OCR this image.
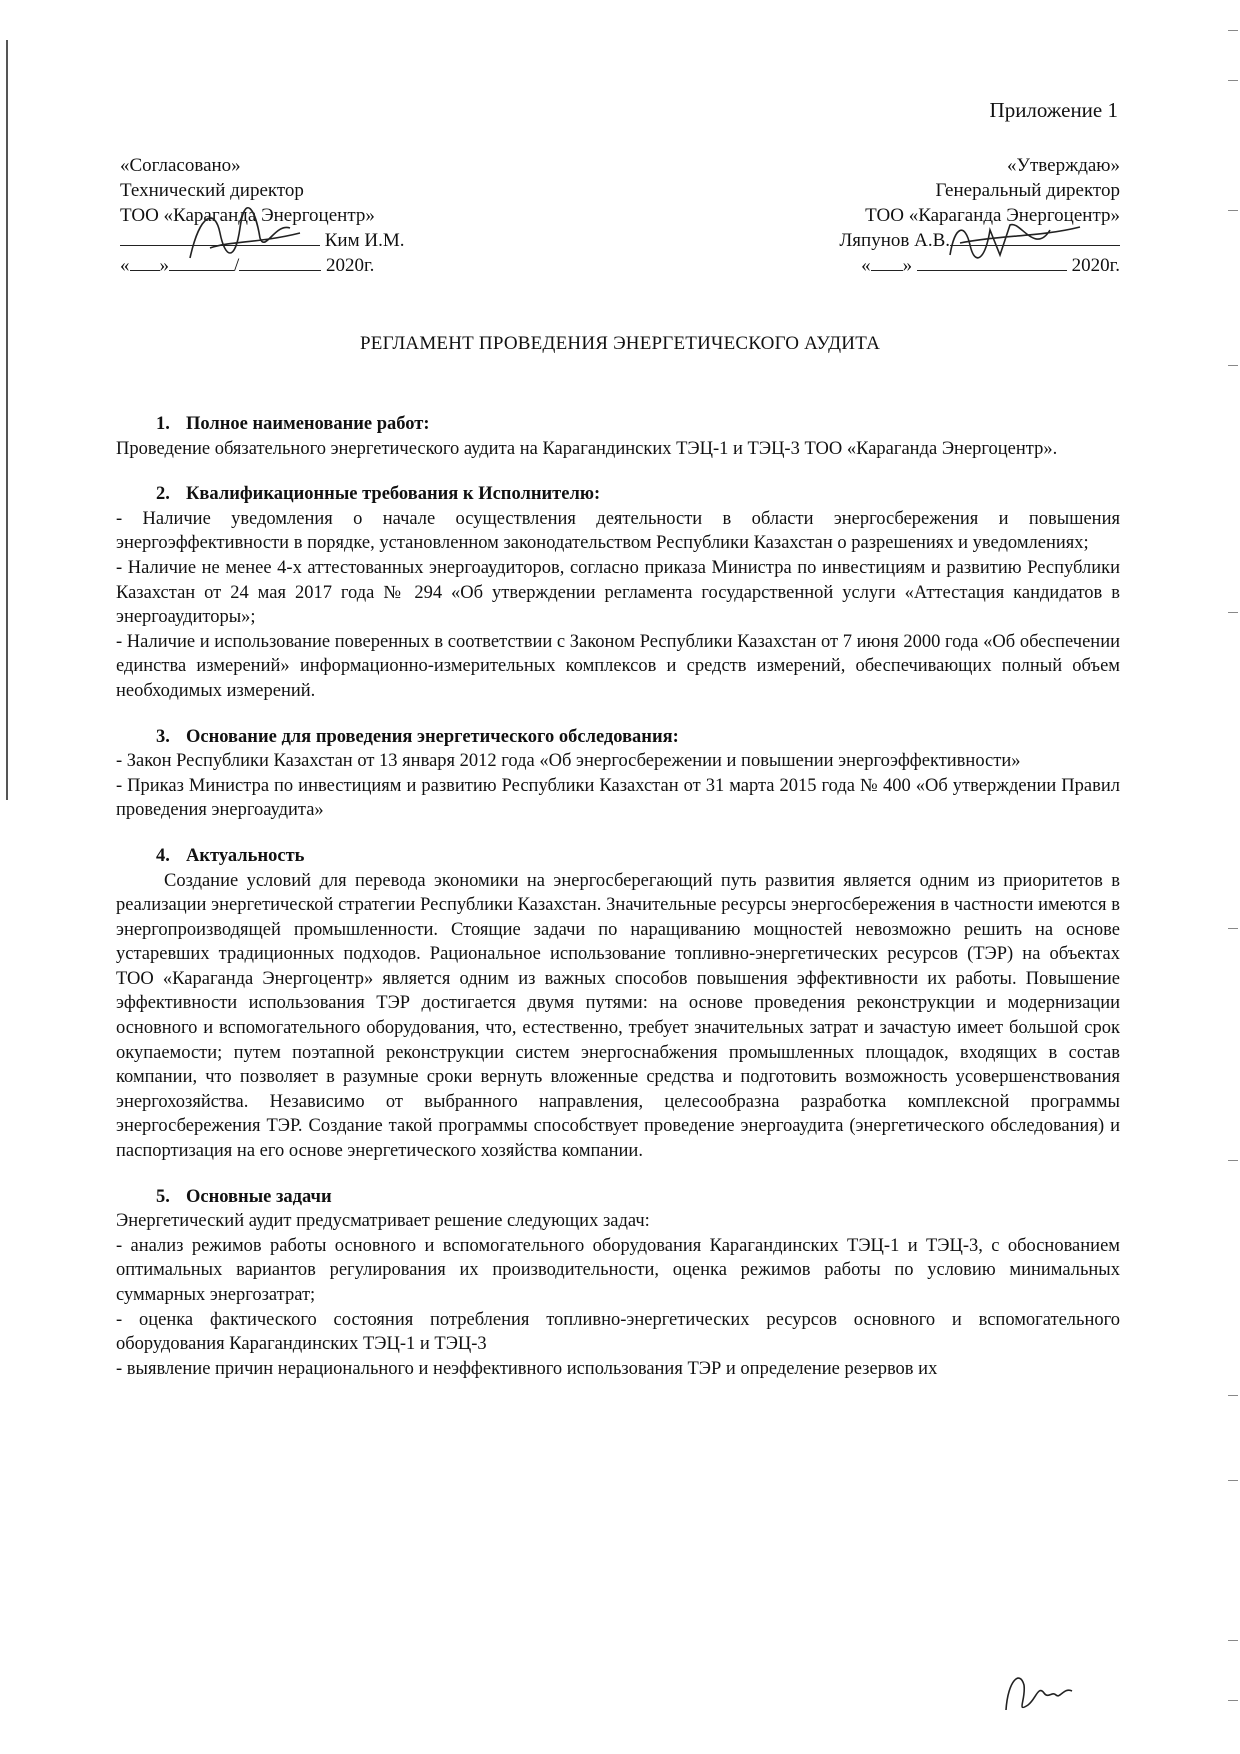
Приложение 1
«Согласовано»
Технический директор
ТОО «Караганда Энергоцентр»
Ким И.М.
« »	/	2020г.
«Утверждаю»
Генеральный директор
ТОО «Караганда Энергоцентр»
Ляпунов А.В.
« »	2020г.
РЕГЛАМЕНТ ПРОВЕДЕНИЯ ЭНЕРГЕТИЧЕСКОГО АУДИТА
1. Полное наименование работ:

Проведение обязательного энергетического аудита на Карагандинских ТЭЦ-1 и ТЭЦ-3 ТОО «Караганда Энергоцентр».

2. Квалификационные требования к Исполнителю:

- Наличие уведомления о начале осуществления деятельности в области энергосбережения и повышения энергоэффективности в порядке, установленном законодательством Республики Казахстан о разрешениях и уведомлениях;

- Наличие не менее 4-х аттестованных энергоаудиторов, согласно приказа Министра по инвестициям и развитию Республики Казахстан от 24 мая 2017 года № 294 «Об утверждении регламента государственной услуги «Аттестация кандидатов в энергоаудиторы»;

- Наличие и использование поверенных в соответствии с Законом Республики Казахстан от 7 июня 2000 года «Об обеспечении единства измерений» информационно-измерительных комплексов и средств измерений, обеспечивающих полный объем необходимых измерений.

3. Основание для проведения энергетического обследования:

- Закон Республики Казахстан от 13 января 2012 года «Об энергосбережении и повышении энергоэффективности»

- Приказ Министра по инвестициям и развитию Республики Казахстан от 31 марта 2015 года № 400 «Об утверждении Правил проведения энергоаудита»

4. Актуальность

Создание условий для перевода экономики на энергосберегающий путь развития является одним из приоритетов в реализации энергетической стратегии Республики Казахстан. Значительные ресурсы энергосбережения в частности имеются в энергопроизводящей промышленности. Стоящие задачи по наращиванию мощностей невозможно решить на основе устаревших традиционных подходов. Рациональное использование топливно-энергетических ресурсов (ТЭР) на объектах ТОО «Караганда Энергоцентр» является одним из важных способов повышения эффективности их работы. Повышение эффективности использования ТЭР достигается двумя путями: на основе проведения реконструкции и модернизации основного и вспомогательного оборудования, что, естественно, требует значительных затрат и зачастую имеет большой срок окупаемости; путем поэтапной реконструкции систем энергоснабжения промышленных площадок, входящих в состав компании, что позволяет в разумные сроки вернуть вложенные средства и подготовить возможность усовершенствования энергохозяйства. Независимо от выбранного направления, целесообразна разработка комплексной программы энергосбережения ТЭР. Создание такой программы способствует проведение энергоаудита (энергетического обследования) и паспортизация на его основе энергетического хозяйства компании.

5. Основные задачи

Энергетический аудит предусматривает решение следующих задач:

- анализ режимов работы основного и вспомогательного оборудования Карагандинских ТЭЦ-1 и ТЭЦ-3, с обоснованием оптимальных вариантов регулирования их производительности, оценка режимов работы по условию минимальных суммарных энергозатрат;

- оценка фактического состояния потребления топливно-энергетических ресурсов основного и вспомогательного оборудования Карагандинских ТЭЦ-1 и ТЭЦ-3

- выявление причин нерационального и неэффективного использования ТЭР и определение резервов их
